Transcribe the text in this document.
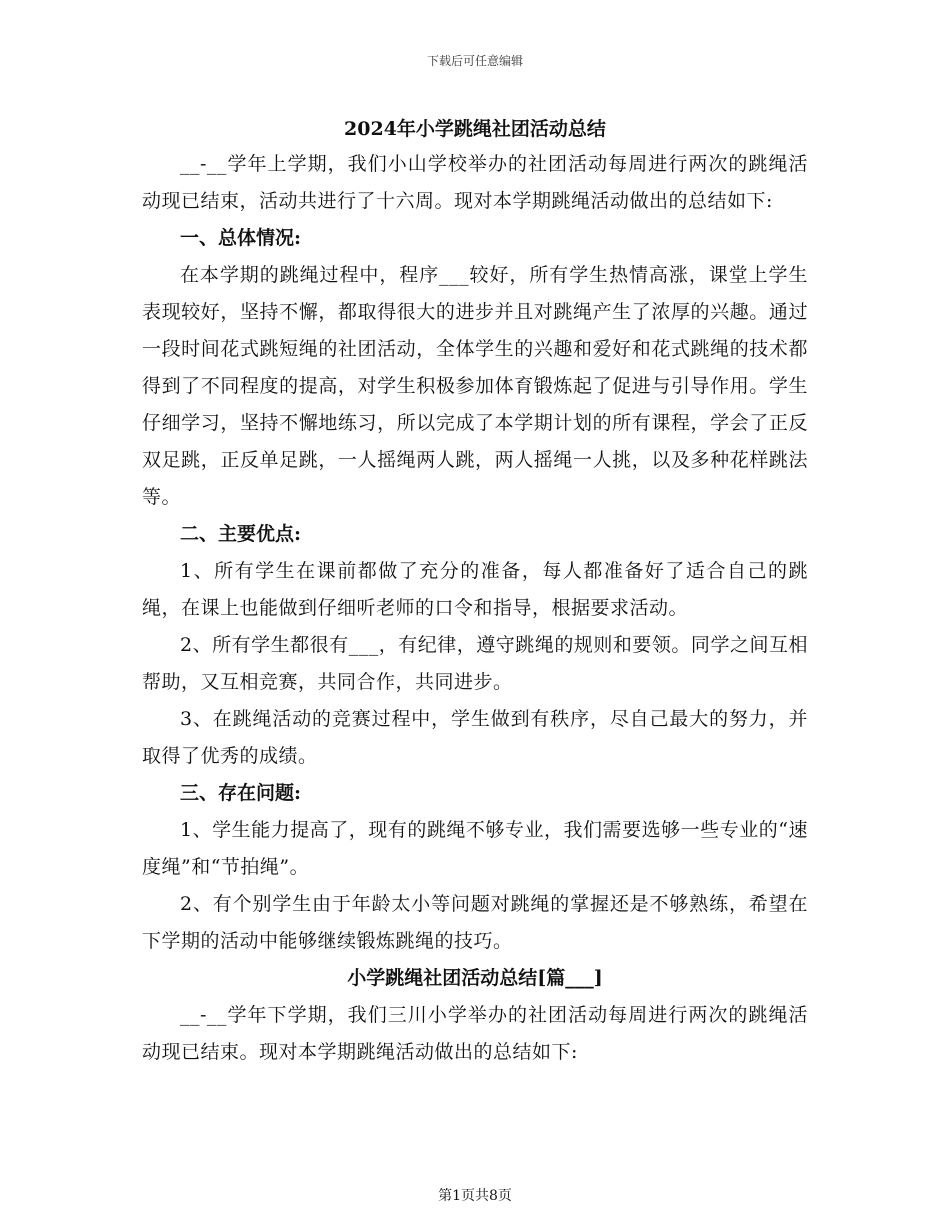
下载后可任意编辑
2024年小学跳绳社团活动总结

__-__学年上学期，我们小山学校举办的社团活动每周进行两次的跳绳活动现已结束，活动共进行了十六周。现对本学期跳绳活动做出的总结如下:

一、总体情况:

在本学期的跳绳过程中，程序___较好，所有学生热情高涨，课堂上学生表现较好，坚持不懈，都取得很大的进步并且对跳绳产生了浓厚的兴趣。通过一段时间花式跳短绳的社团活动，全体学生的兴趣和爱好和花式跳绳的技术都得到了不同程度的提高，对学生积极参加体育锻炼起了促进与引导作用。学生仔细学习，坚持不懈地练习，所以完成了本学期计划的所有课程，学会了正反双足跳，正反单足跳，一人摇绳两人跳，两人摇绳一人挑，以及多种花样跳法等。

二、主要优点:

1、所有学生在课前都做了充分的准备，每人都准备好了适合自己的跳绳，在课上也能做到仔细听老师的口令和指导，根据要求活动。

2、所有学生都很有___，有纪律，遵守跳绳的规则和要领。同学之间互相帮助，又互相竞赛，共同合作，共同进步。

3、在跳绳活动的竞赛过程中，学生做到有秩序，尽自己最大的努力，并取得了优秀的成绩。

三、存在问题:

1、学生能力提高了，现有的跳绳不够专业，我们需要选够一些专业的“速度绳”和“节拍绳”。

2、有个别学生由于年龄太小等问题对跳绳的掌握还是不够熟练，希望在下学期的活动中能够继续锻炼跳绳的技巧。

小学跳绳社团活动总结[篇___]

__-__学年下学期，我们三川小学举办的社团活动每周进行两次的跳绳活动现已结束。现对本学期跳绳活动做出的总结如下:

第1页共8页
